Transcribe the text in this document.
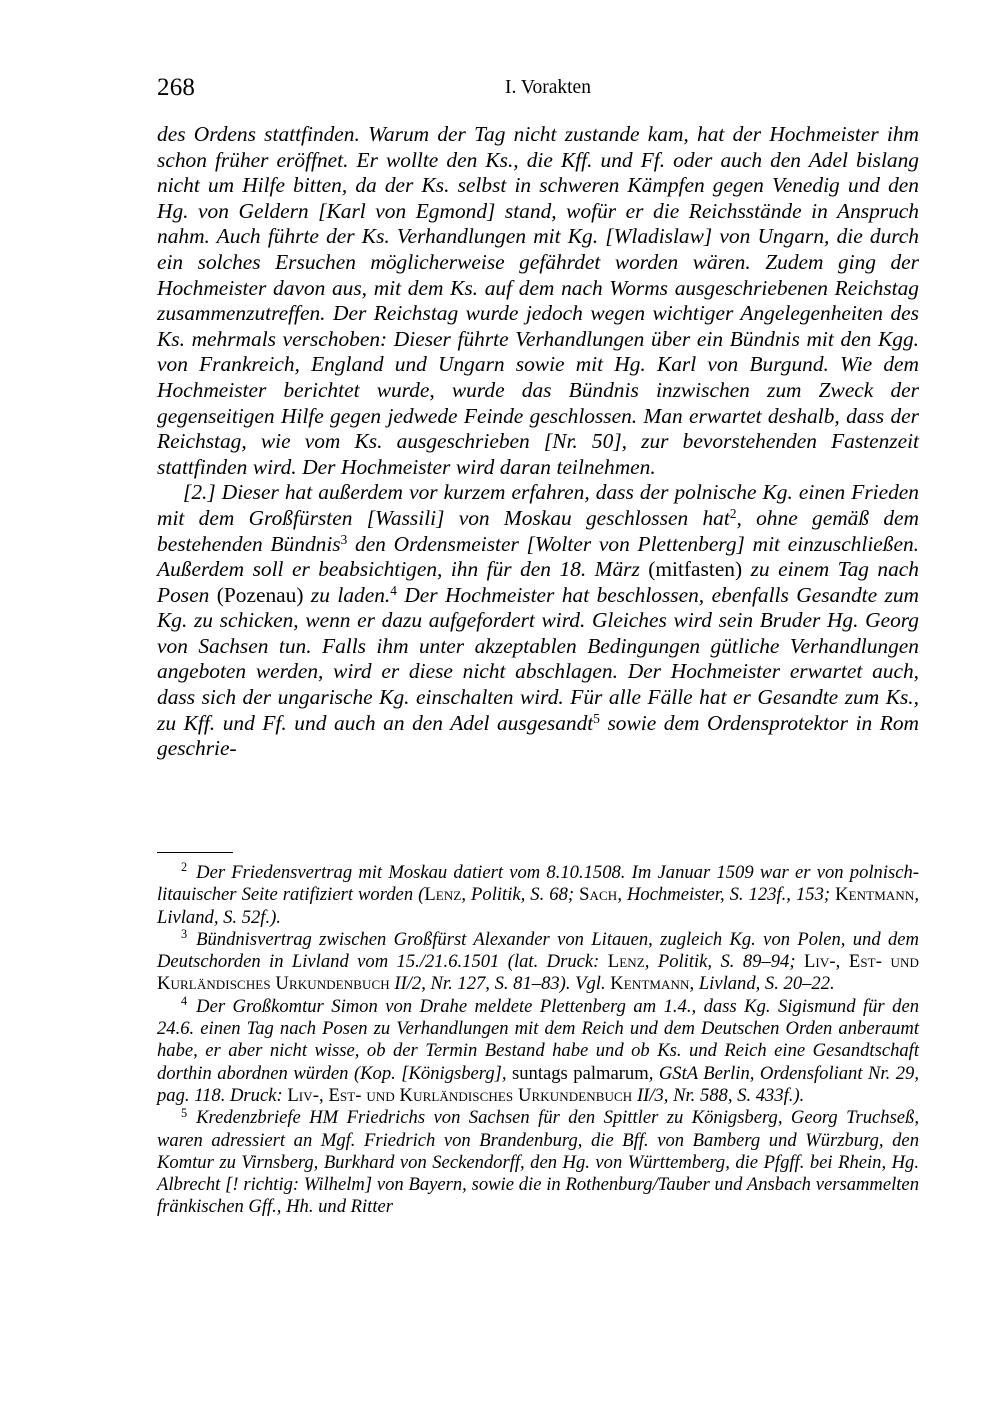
268	I. Vorakten

des Ordens stattfinden. Warum der Tag nicht zustande kam, hat der Hochmeister ihm schon früher eröffnet. Er wollte den Ks., die Kff. und Ff. oder auch den Adel bislang nicht um Hilfe bitten, da der Ks. selbst in schweren Kämpfen gegen Venedig und den Hg. von Geldern [Karl von Egmond] stand, wofür er die Reichsstände in Anspruch nahm. Auch führte der Ks. Verhandlungen mit Kg. [Wladislaw] von Ungarn, die durch ein solches Ersuchen möglicherweise gefährdet worden wären. Zudem ging der Hochmeister davon aus, mit dem Ks. auf dem nach Worms ausgeschriebenen Reichstag zusammenzutreffen. Der Reichstag wurde jedoch wegen wichtiger Angelegenheiten des Ks. mehrmals verschoben: Dieser führte Verhandlungen über ein Bündnis mit den Kgg. von Frankreich, England und Ungarn sowie mit Hg. Karl von Burgund. Wie dem Hochmeister berichtet wurde, wurde das Bündnis inzwischen zum Zweck der gegenseitigen Hilfe gegen jedwede Feinde geschlossen. Man erwartet deshalb, dass der Reichstag, wie vom Ks. ausgeschrieben [Nr. 50], zur bevorstehenden Fastenzeit stattfinden wird. Der Hochmeister wird daran teilnehmen.

[2.] Dieser hat außerdem vor kurzem erfahren, dass der polnische Kg. einen Frieden mit dem Großfürsten [Wassili] von Moskau geschlossen hat$^2$, ohne gemäß dem bestehenden Bündnis$^3$ den Ordensmeister [Wolter von Plettenberg] mit einzuschließen. Außerdem soll er beabsichtigen, ihn für den 18. März (mitfasten) zu einem Tag nach Posen (Pozenau) zu laden.$^4$ Der Hochmeister hat beschlossen, ebenfalls Gesandte zum Kg. zu schicken, wenn er dazu aufgefordert wird. Gleiches wird sein Bruder Hg. Georg von Sachsen tun. Falls ihm unter akzeptablen Bedingungen gütliche Verhandlungen angeboten werden, wird er diese nicht abschlagen. Der Hochmeister erwartet auch, dass sich der ungarische Kg. einschalten wird. Für alle Fälle hat er Gesandte zum Ks., zu Kff. und Ff. und auch an den Adel ausgesandt$^5$ sowie dem Ordensprotektor in Rom geschrie-

$^2$ Der Friedensvertrag mit Moskau datiert vom 8.10.1508. Im Januar 1509 war er von polnisch-litauischer Seite ratifiziert worden (Lenz, Politik, S. 68; Sach, Hochmeister, S. 123f., 153; Kentmann, Livland, S. 52f.).

$^3$ Bündnisvertrag zwischen Großfürst Alexander von Litauen, zugleich Kg. von Polen, und dem Deutschorden in Livland vom 15./21.6.1501 (lat. Druck: Lenz, Politik, S. 89–94; Liv-, Est- und Kurländisches Urkundenbuch II/2, Nr. 127, S. 81–83). Vgl. Kentmann, Livland, S. 20–22.

$^4$ Der Großkomtur Simon von Drahe meldete Plettenberg am 1.4., dass Kg. Sigismund für den 24.6. einen Tag nach Posen zu Verhandlungen mit dem Reich und dem Deutschen Orden anberaumt habe, er aber nicht wisse, ob der Termin Bestand habe und ob Ks. und Reich eine Gesandtschaft dorthin abordnen würden (Kop. [Königsberg], suntags palmarum, GStA Berlin, Ordensfoliant Nr. 29, pag. 118. Druck: Liv-, Est- und Kurländisches Urkundenbuch II/3, Nr. 588, S. 433f.).

$^5$ Kredenzbriefe HM Friedrichs von Sachsen für den Spittler zu Königsberg, Georg Truchseß, waren adressiert an Mgf. Friedrich von Brandenburg, die Bff. von Bamberg und Würzburg, den Komtur zu Virnsberg, Burkhard von Seckendorff, den Hg. von Württemberg, die Pfgff. bei Rhein, Hg. Albrecht [! richtig: Wilhelm] von Bayern, sowie die in Rothenburg/Tauber und Ansbach versammelten fränkischen Gff., Hh. und Ritter
